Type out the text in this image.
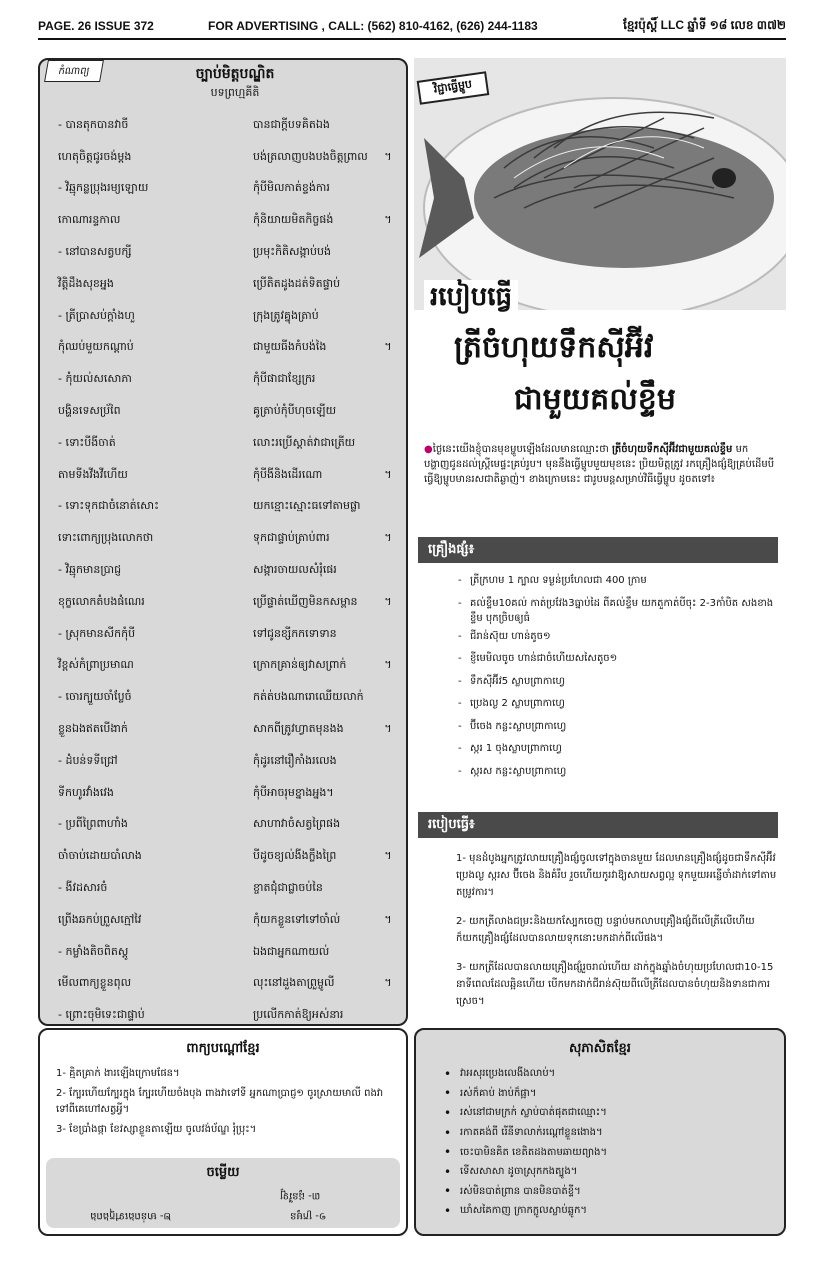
PAGE. 26 ISSUE 372	FOR ADVERTISING , CALL: (562) 810-4162, (626) 244-1183	ខ្មែរប៉ុស្តិ៍ LLC ឆ្នាំទី ១៨ លេខ ៣៧២
កំណាព្យ	ច្បាប់មិត្តបណ្ឌិត
បទព្រហ្មគីតិ
- បានតុកបានវាចី	បានជាក្ដីបទគិតឯង
ហេតុចិត្តជូរចង់ម្ដង	បង់ត្រលាញបងបងចិត្តព្រាល	។
- វិឆ្មុកន្លប្រុងរម្យឡោយ	កុំបីមិលកាត់ខ្ទង់ការ
កោណារន្ទកាល	កុំនិយាយមិតកិច្ចផង់	។
- នៅបានសត្វបក្សី	ប្រមុះកិតិសង្កាប់បង់
វិត្តិដឹងសុខអ្នង	ប្រើតិតដូងដត់ទិតផ្ទាប់
- ត្រីប្រាសប់ក្ដាំងហួ	ក្រុងត្រូវគ្នុងត្រាប់
កុំឈប់មួយកណ្ដាប់	ជាមួយធីងកំបង់ងៃ	។
- កុំយល់សសោភា	កុំបីផាជាខ្សែក្ររ
បង្ហិនទេសប្រ័ពៃ	គូត្រាប់កុំបីហុចឡើយ
- ទោះបីងីចាត់	លោះរប្រើស្ដាត់វាជាត្រើយ
តាមទីងវីងវីហើយ	កុំបីងីនិងដើរណេា	។
- ទោះទុកជាចំនោត់សោះ	យកខ្មោះស្មោះធទៅតាមផ្លា
ទោះពោក្យប្រុងលោកថា	ទុកជាផ្ទាប់ត្រាប់ពារ	។
- វិឆ្មុកមានប្រាជ្ញ	សង្ការចាយលសំរុំផេរ
ខុក្ខលោកតំបងផំណេរ	ប្រើផ្ទាត់ឃើញមិនកសម្ពាន	។
- ស្រុកមានសីកកុំបី	ទៅជូនខ្សីកកទោទាន
វិខ្ពស់កំព្រាប្រមាណ	ក្រោកគ្រាន់ឲ្យវាសព្រាក់	។
- ចោរក្បួយចាំប្លែចំ	កត់ត់បងណារោឈើយលាក់
ខ្លួនឯងឥតបើងាក់	សាកពីត្រូវហ្វាតមុនងង	។
- ដំបន់ទទីជ្រៅ	កុំដូរនៅរឿកាំងរលេង
ទីកហូរវាំងវេង	កុំបីអាចរុមខ្នាងអ្នង។
- ប្រពីព្រៃពាហាំង	សាហាវាចំសត្វព្រៃផង
ចាំចាប់ដោយបាំលាង	បីដូចខ្យល់ងីងក្លឹងព្រៃ	។
- ងីវដសារចំ	ខ្ចាតជុំជាជ្លាចប់នៃ
ព្រើងឆកប់ព្រួសក្មៅវៃ	កុំយកខ្លួនទៅទៅចាំល់	។
- កម្លាំងតិចពិតស្ដូ	ឯងជាអ្នកណាយល់
មើលពាក្យខ្លួនពុល	លុះនៅដួងតាព្រួម្ចូលី	។
- ព្រោះចុមិទេះជាផ្ទាប់	ប្រលើកកាត់ឱ្យអស់នារ
វិជ្ជាធ្វើម្ហូប
របៀបធ្វើ
ត្រីចំហុយទឹកស៊ីអ៊ីវ
ជាមួយគល់ខ្ទឹម
●ថ្ងៃនេះយើងខ្ញុំបានមុខម្ហូបឡើងដែលមានឈ្មោះថា ត្រីចំហុយទឹកស៊ីអ៊ីវជាមួយគល់ខ្ទឹម មកបង្ហាញជូនដល់ស្ត្រីមេផ្ទះគ្រប់រូប។ មុននឹងធ្វើម្ហូបមួយមុខនេះ ប្រិយមិត្តត្រូវ រកគ្រឿងផ្សំឱ្យគ្រប់ដើមបីធ្វើឱ្យម្ហូបមានរសជាតិឆ្ងាញ់។ ខាងក្រោមនេះ ជារូបមន្តសម្រាប់វិធីធ្វើម្ហូប ដូចតទៅ៖
គ្រឿងផ្សំ៖
- ត្រីក្រហម 1 ក្បាល ទម្ងន់ប្រហែលជា 400 ក្រាម
- គល់ខ្ទឹម10គល់ កាត់ប្រវែង3ធ្នាប់ដៃ ពីគល់ខ្ទឹម យកតួកាត់បីចុះ 2-3កាំបិត សងខាងខ្ទឹម បុកច្រិបឲ្យធំ
- ជីរាន់ស៊ុយ ហាន់តូច១
- ខ្ញីមេមិលចូច ហាន់ជាចំហើយសសៃតូច១
- ទឹកស៊ីអ៊ីវ5 ស្លាបព្រាកាហ្វេ
- ប្រេងល្ង 2 ស្លាបព្រាកាហ្វេ
- ប៊ីចេង កន្លះស្លាបព្រាកាហ្វេ
- ស្ករ 1 ចុងស្លាបព្រាកាហ្វេ
- ស្ករស កន្លះស្លាបព្រាកាហ្វេ
របៀបធ្វើ៖

1- មុនដំបូងអ្នកត្រូវលាយគ្រឿងផ្សំចូលទៅក្នុងចានមួយ ដែលមានគ្រឿងផ្សំដូចជាទឹកស៊ីអ៊ីវ ប្រេងល្ង ស្ករស ប៊ីចេង និងគំរឹប រួចហើយកូរវាឱ្យសាយសព្វល្អ ទុកមួយអន្លើចាំដាក់ទៅតាមតម្រូវការ។

2- យកត្រីលាងជម្រះនិងយកស្បែកចេញ បន្ទាប់មកលាបគ្រឿងផ្សំពីលើត្រីលើហើយ ក៏យកគ្រឿងផ្សំដែលបានលាយទុកនោះមកដាក់ពីលើផង។

3- យកត្រីដែលបានលាយគ្រឿងផ្សំរួចរាល់ហើយ ដាក់ក្នុងឆ្នាំងចំហុយប្រហែលជា10-15 នាទីពេលដែលឆ្អិនហើយ បើកមកដាក់ជីរាន់ស៊ុយពីលើត្រីដែលបានចំហុយនិងទានជាការស្រេច។

ពាក្យបណ្ដៅខ្មែរ

1- គ្មិតគ្រាក់ ងារឡើងក្រោមផែន។

2- ក្បែរហើយក្បែរក្នុង ក្បែរហើយចំងបុង ពាងវាទៅទី អ្នកណាប្រាជ្ញ១ ចូរស្រាយមាលី ពងវាទៅពីគេហៅសត្វអ្វី។

3- ខែប្រាំងផ្កា ខែវស្សាខ្លួនតាឡើយ ចូលវង់ប័ណ្ឌ រុំប្រុះ។

ចម្លើយ
៣- ដូនវីឡូ
២- មាន់ពងទៅក្នុងពង	១- ក្រមូន
សុភាសិតខ្មែរ
• វាអសុរប្រេងលេងីងលាប់។
• រស់ក៏គាប់ ងាប់ក៏ផ្អា។
• រស់នៅជាមក្រក់ ស្លាប់បាត់ផុតជាឈ្មោះ។
• រកាតគង់ពី រើនីទាលាក់រណ្ដៅខ្លួនងោង។
• ចេះបាមិនគិត ខេតិតដងតាមឆាយព្យាង។
• ទើសសាសា ដូចាស្រុកកងត្បូង។
• រស់មិនបាត់ព្រាន បានមិនបាត់ខ្ទី។
• ឃាំសគៃកាញ ក្រាកក្លូលស្លាប់ឆ្លូក។
